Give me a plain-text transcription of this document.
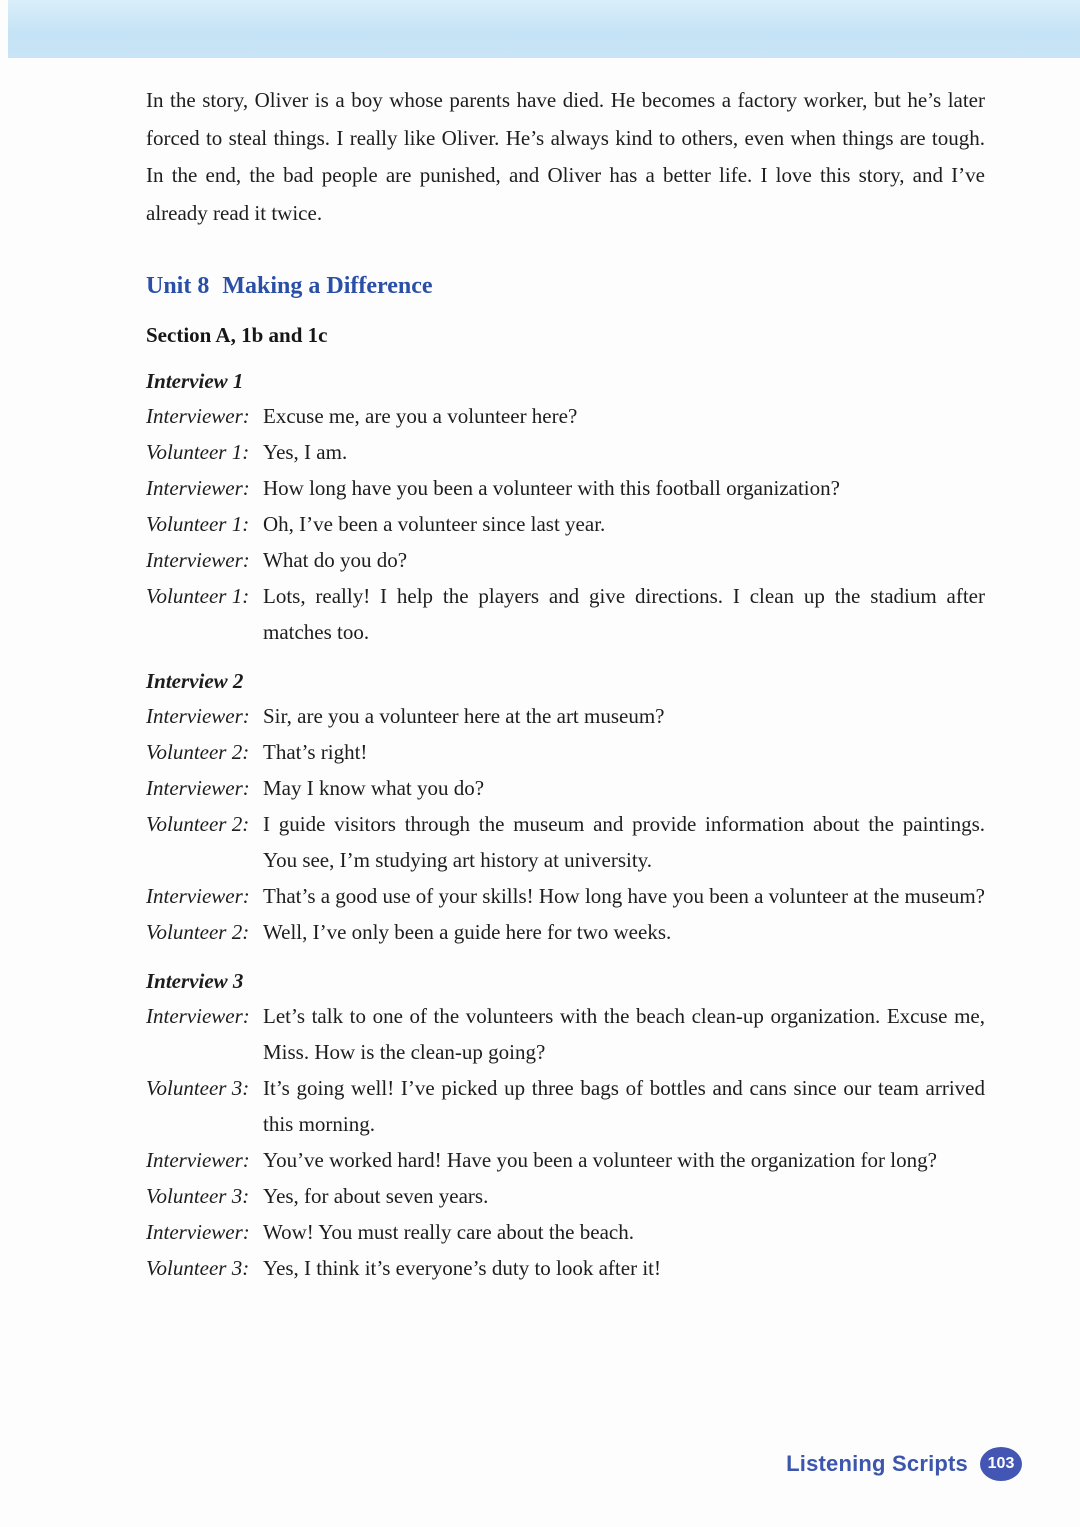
In the story, Oliver is a boy whose parents have died. He becomes a factory worker, but he’s later forced to steal things. I really like Oliver. He’s always kind to others, even when things are tough. In the end, the bad people are punished, and Oliver has a better life. I love this story, and I’ve already read it twice.

Unit 8 Making a Difference
Section A, 1b and 1c
Interview 1
Interviewer: Excuse me, are you a volunteer here?
Volunteer 1: Yes, I am.
Interviewer: How long have you been a volunteer with this football organization?
Volunteer 1: Oh, I’ve been a volunteer since last year.
Interviewer: What do you do?
Volunteer 1: Lots, really! I help the players and give directions. I clean up the stadium after matches too.
Interview 2
Interviewer: Sir, are you a volunteer here at the art museum?
Volunteer 2: That’s right!
Interviewer: May I know what you do?
Volunteer 2: I guide visitors through the museum and provide information about the paintings. You see, I’m studying art history at university.
Interviewer: That’s a good use of your skills! How long have you been a volunteer at the museum?
Volunteer 2: Well, I’ve only been a guide here for two weeks.
Interview 3
Interviewer: Let’s talk to one of the volunteers with the beach clean-up organization. Excuse me, Miss. How is the clean-up going?
Volunteer 3: It’s going well! I’ve picked up three bags of bottles and cans since our team arrived this morning.
Interviewer: You’ve worked hard! Have you been a volunteer with the organization for long?
Volunteer 3: Yes, for about seven years.
Interviewer: Wow! You must really care about the beach.
Volunteer 3: Yes, I think it’s everyone’s duty to look after it!
Listening Scripts	103
